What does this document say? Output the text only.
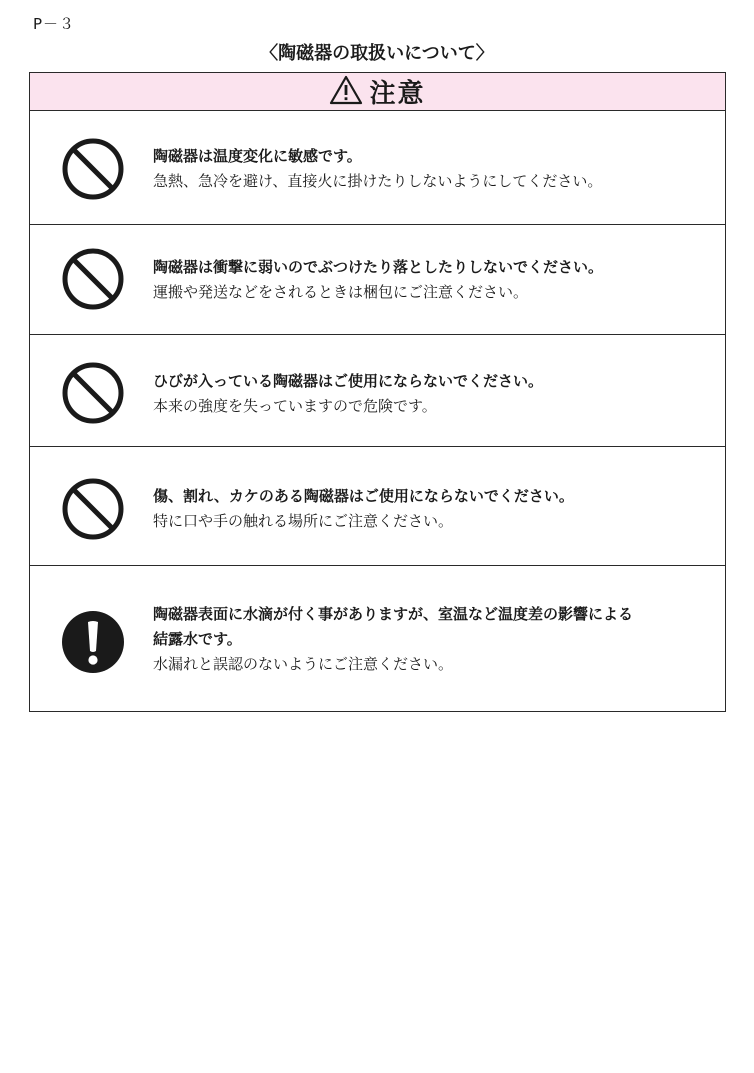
P－３
〈陶磁器の取扱いについて〉
注意
陶磁器は温度変化に敏感です。
急熱、急冷を避け、直接火に掛けたりしないようにしてください。
陶磁器は衝撃に弱いのでぶつけたり落としたりしないでください。
運搬や発送などをされるときは梱包にご注意ください。
ひびが入っている陶磁器はご使用にならないでください。
本来の強度を失っていますので危険です。
傷、割れ、カケのある陶磁器はご使用にならないでください。
特に口や手の触れる場所にご注意ください。
陶磁器表面に水滴が付く事がありますが、室温など温度差の影響による
結露水です。
水漏れと誤認のないようにご注意ください。
